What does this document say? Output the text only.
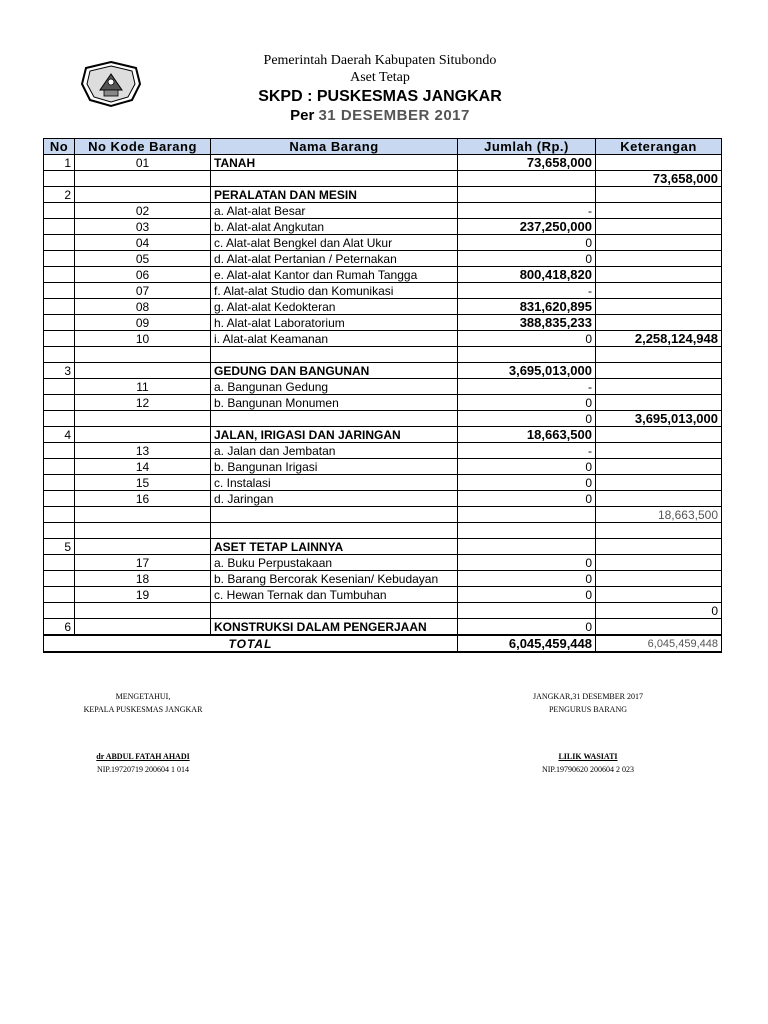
Pemerintah Daerah Kabupaten Situbondo
Aset Tetap
SKPD : PUSKESMAS JANGKAR
Per 31 DESEMBER 2017
No	No Kode Barang	Nama Barang	Jumlah (Rp.)	Keterangan
1	01	TANAH	73,658,000	
				73,658,000
2		PERALATAN DAN MESIN		
	02	a. Alat-alat Besar	-	
	03	b. Alat-alat Angkutan	237,250,000	
	04	c. Alat-alat Bengkel dan Alat Ukur	0	
	05	d. Alat-alat Pertanian / Peternakan	0	
	06	e. Alat-alat Kantor dan Rumah Tangga	800,418,820	
	07	f. Alat-alat Studio dan Komunikasi	-	
	08	g. Alat-alat Kedokteran	831,620,895	
	09	h. Alat-alat Laboratorium	388,835,233	
	10	i. Alat-alat Keamanan	0	2,258,124,948

3		GEDUNG DAN BANGUNAN	3,695,013,000	
	11	a. Bangunan Gedung	-	
	12	b. Bangunan Monumen	0	
			0	3,695,013,000
4		JALAN, IRIGASI DAN JARINGAN	18,663,500	
	13	a. Jalan dan Jembatan	-	
	14	b. Bangunan Irigasi	0	
	15	c. Instalasi	0	
	16	d. Jaringan	0	
				18,663,500

5		ASET TETAP LAINNYA		
	17	a. Buku Perpustakaan	0	
	18	b. Barang Bercorak Kesenian/ Kebudayan	0	
	19	c. Hewan Ternak dan Tumbuhan	0	
				0
6		KONSTRUKSI DALAM PENGERJAAN	0	
TOTAL			6,045,459,448	6,045,459,448
MENGETAHUI,
KEPALA PUSKESMAS JANGKAR
dr ABDUL FATAH AHADI
NIP.19720719 200604 1 014
JANGKAR,31 DESEMBER 2017
PENGURUS BARANG
LILIK WASIATI
NIP.19790620 200604 2 023
